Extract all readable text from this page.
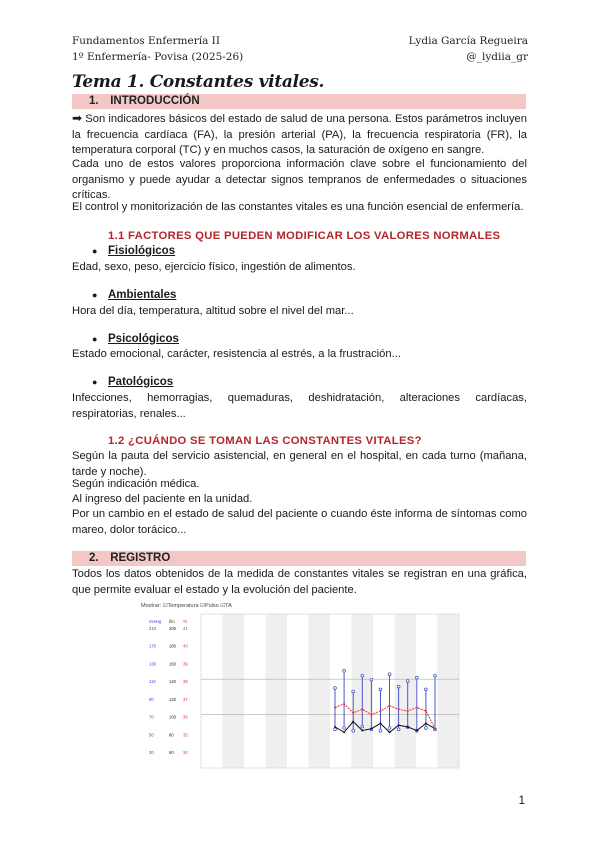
Fundamentos Enfermería II
1º Enfermería- Povisa (2025-26)
Lydia García Regueira
@_lydiia_gr
Tema 1. Constantes vitales.
1. INTRODUCCIÓN
➡ Son indicadores básicos del estado de salud de una persona. Estos parámetros incluyen la frecuencia cardíaca (FA), la presión arterial (PA), la frecuencia respiratoria (FR), la temperatura corporal (TC) y en muchos casos, la saturación de oxígeno en sangre.
Cada uno de estos valores proporciona información clave sobre el funcionamiento del organismo y puede ayudar a detectar signos tempranos de enfermedades o situaciones críticas.
El control y monitorización de las constantes vitales es una función esencial de enfermería.
1.1 FACTORES QUE PUEDEN MODIFICAR LOS VALORES NORMALES
● Fisiológicos
Edad, sexo, peso, ejercicio físico, ingestión de alimentos.
● Ambientales
Hora del día, temperatura, altitud sobre el nivel del mar...
● Psicológicos
Estado emocional, carácter, resistencia al estrés, a la frustración...
● Patológicos
Infecciones, hemorragias, quemaduras, deshidratación, alteraciones cardíacas, respiratorias, renales...
1.2 ¿CUÁNDO SE TOMAN LAS CONSTANTES VITALES?
Según la pauta del servicio asistencial, en general en el hospital, en cada turno (mañana, tarde y noche).
Según indicación médica.
Al ingreso del paciente en la unidad.
Por un cambio en el estado de salud del paciente o cuando éste informa de síntomas como mareo, dolor torácico...
2. REGISTRO
Todos los datos obtenidos de la medida de constantes vitales se registran en una gráfica, que permite evaluar el estado y la evolución del paciente.
Mostrar: ☑Temperatura ☑Pulso ☑TA
mmHg
210
170
130
110
90
70
50
30
l/m
200
180
160
140
120
100
80
60
ºC
41
40
39
38
37
36
35
34
1
